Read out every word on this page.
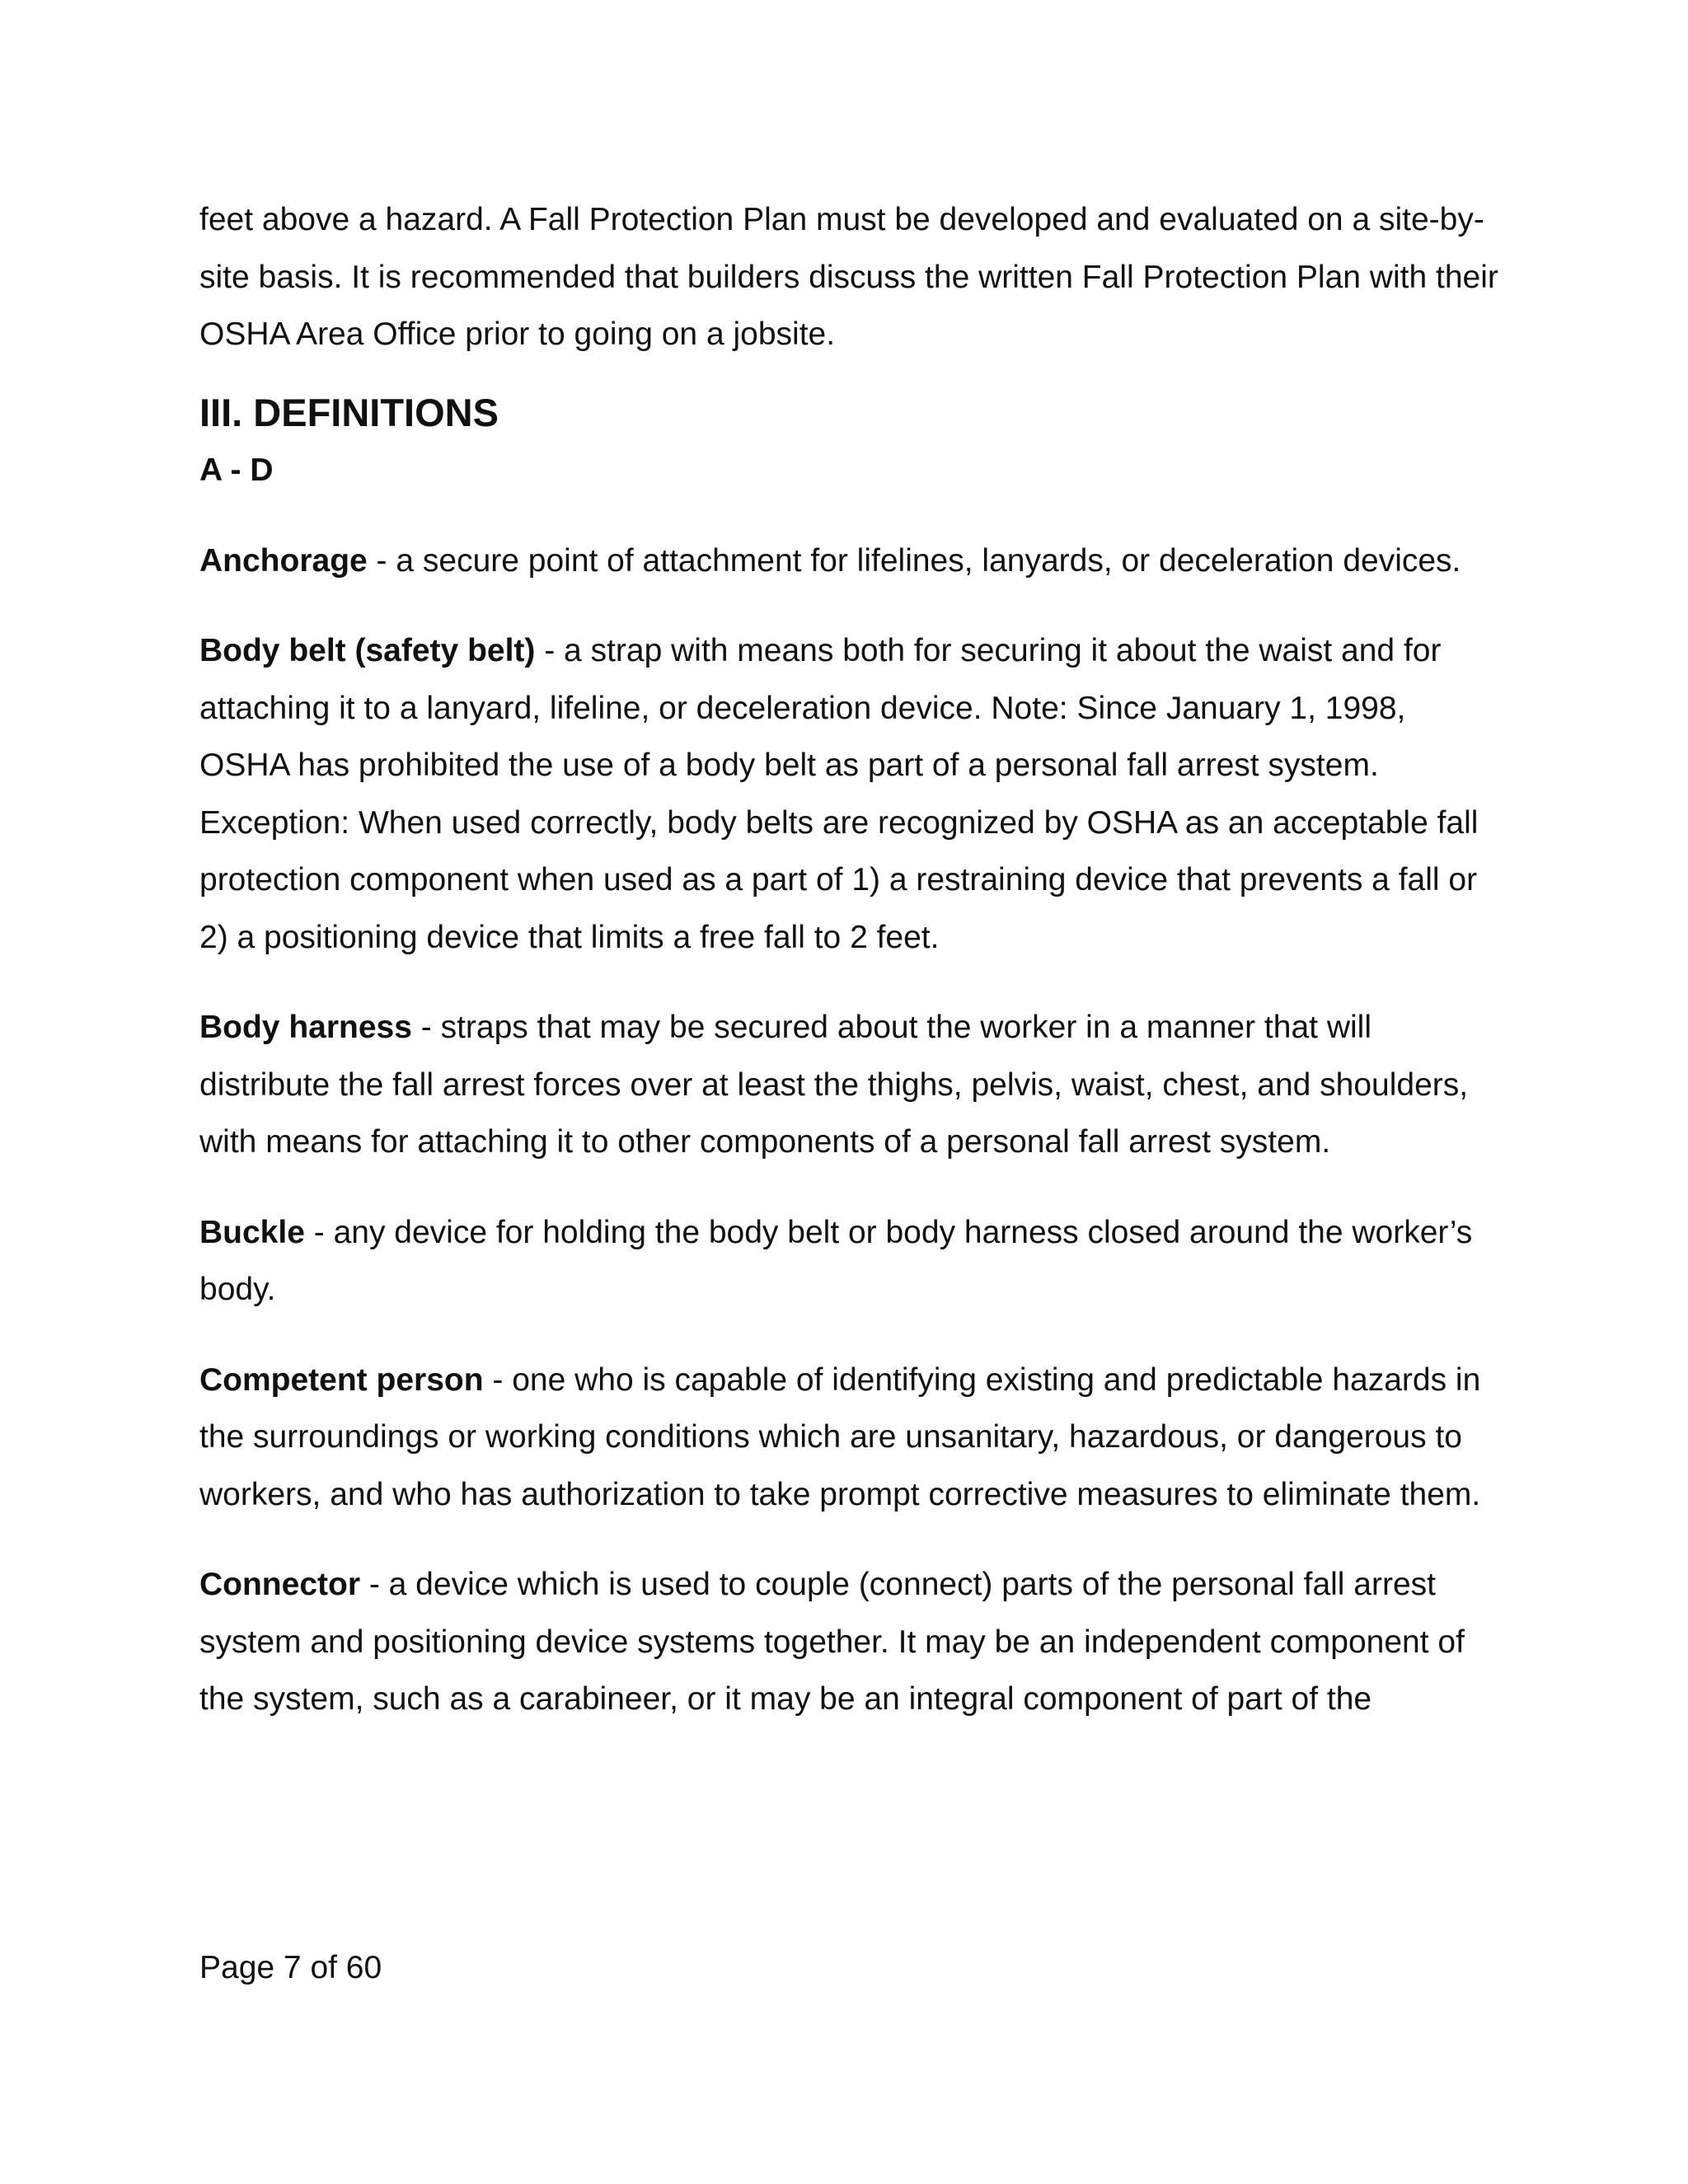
feet above a hazard. A Fall Protection Plan must be developed and evaluated on a site-by-site basis. It is recommended that builders discuss the written Fall Protection Plan with their OSHA Area Office prior to going on a jobsite.

III. DEFINITIONS
A - D

Anchorage - a secure point of attachment for lifelines, lanyards, or deceleration devices.

Body belt (safety belt) - a strap with means both for securing it about the waist and for attaching it to a lanyard, lifeline, or deceleration device. Note: Since January 1, 1998, OSHA has prohibited the use of a body belt as part of a personal fall arrest system. Exception: When used correctly, body belts are recognized by OSHA as an acceptable fall protection component when used as a part of 1) a restraining device that prevents a fall or 2) a positioning device that limits a free fall to 2 feet.

Body harness - straps that may be secured about the worker in a manner that will distribute the fall arrest forces over at least the thighs, pelvis, waist, chest, and shoulders, with means for attaching it to other components of a personal fall arrest system.

Buckle - any device for holding the body belt or body harness closed around the worker’s body.

Competent person - one who is capable of identifying existing and predictable hazards in the surroundings or working conditions which are unsanitary, hazardous, or dangerous to workers, and who has authorization to take prompt corrective measures to eliminate them.

Connector - a device which is used to couple (connect) parts of the personal fall arrest system and positioning device systems together. It may be an independent component of the system, such as a carabineer, or it may be an integral component of part of the

Page 7 of 60
